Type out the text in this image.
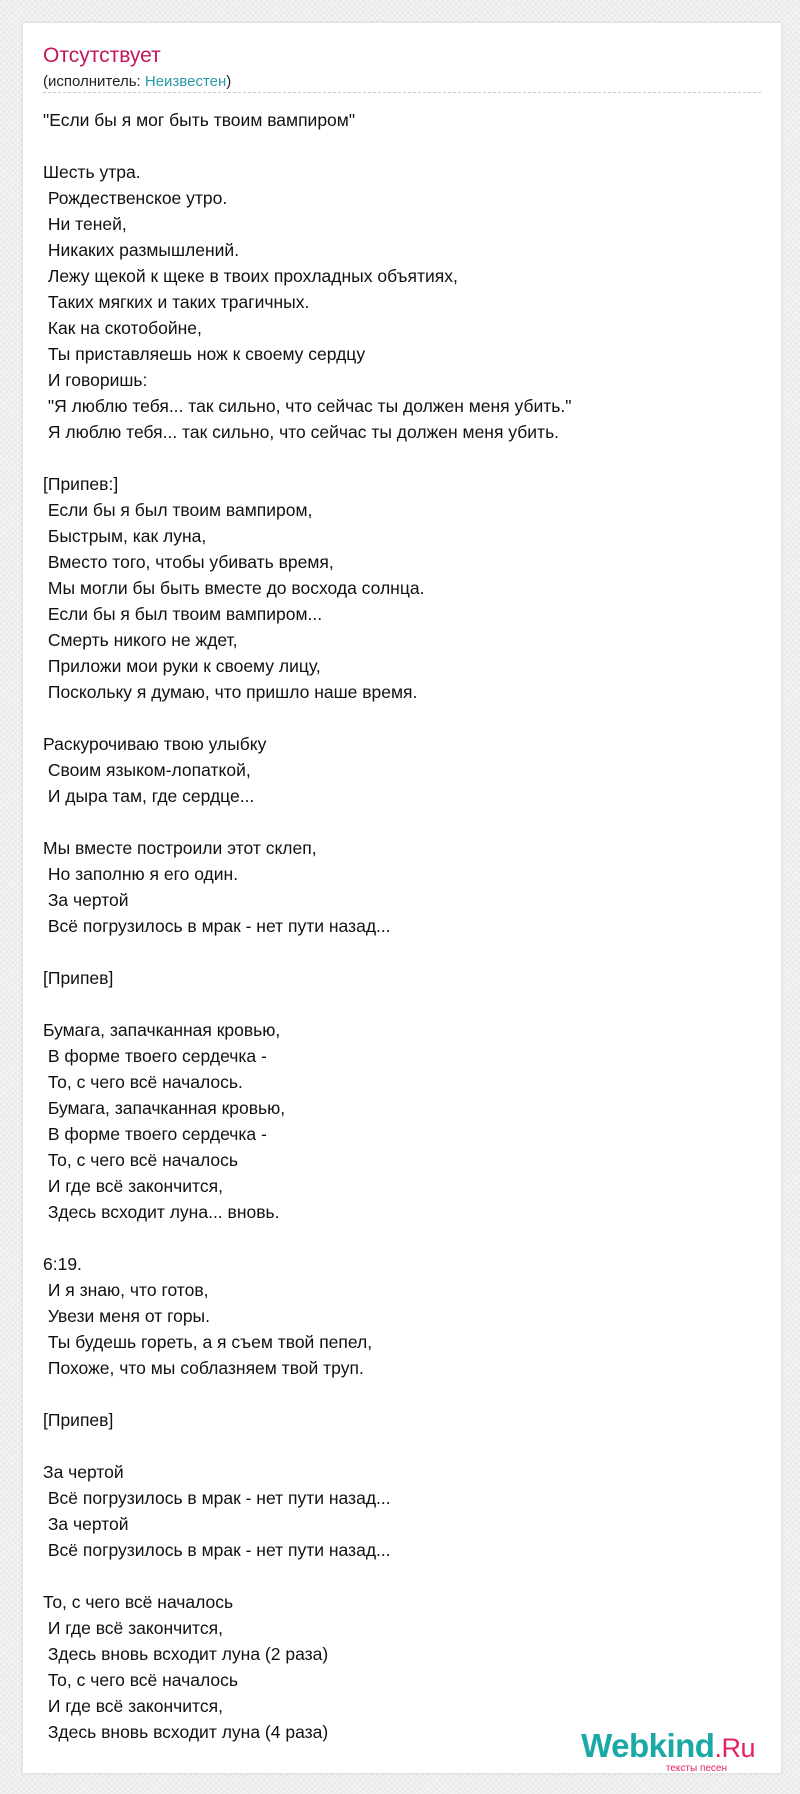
Отсутствует
(исполнитель: Неизвестен)
"Если бы я мог быть твоим вампиром"

Шесть утра.
Рождественское утро.
Ни теней,
Никаких размышлений.
Лежу щекой к щеке в твоих прохладных объятиях,
Таких мягких и таких трагичных.
Как на скотобойне,
Ты приставляешь нож к своему сердцу
И говоришь:
"Я люблю тебя... так сильно, что сейчас ты должен меня убить."
Я люблю тебя... так сильно, что сейчас ты должен меня убить.

[Припев:]
Если бы я был твоим вампиром,
Быстрым, как луна,
Вместо того, чтобы убивать время,
Мы могли бы быть вместе до восхода солнца.
Если бы я был твоим вампиром...
Смерть никого не ждет,
Приложи мои руки к своему лицу,
Поскольку я думаю, что пришло наше время.

Раскурочиваю твою улыбку
Своим языком-лопаткой,
И дыра там, где сердце...

Мы вместе построили этот склеп,
Но заполню я его один.
За чертой
Всё погрузилось в мрак - нет пути назад...

[Припев]

Бумага, запачканная кровью,
В форме твоего сердечка -
То, с чего всё началось.
Бумага, запачканная кровью,
В форме твоего сердечка -
То, с чего всё началось
И где всё закончится,
Здесь всходит луна... вновь.

6:19.
И я знаю, что готов,
Увези меня от горы.
Ты будешь гореть, а я съем твой пепел,
Похоже, что мы соблазняем твой труп.

[Припев]

За чертой
Всё погрузилось в мрак - нет пути назад...
За чертой
Всё погрузилось в мрак - нет пути назад...

То, с чего всё началось
И где всё закончится,
Здесь вновь всходит луна (2 раза)
То, с чего всё началось
И где всё закончится,
Здесь вновь всходит луна (4 раза)	Webkind.Ru
тексты песен
